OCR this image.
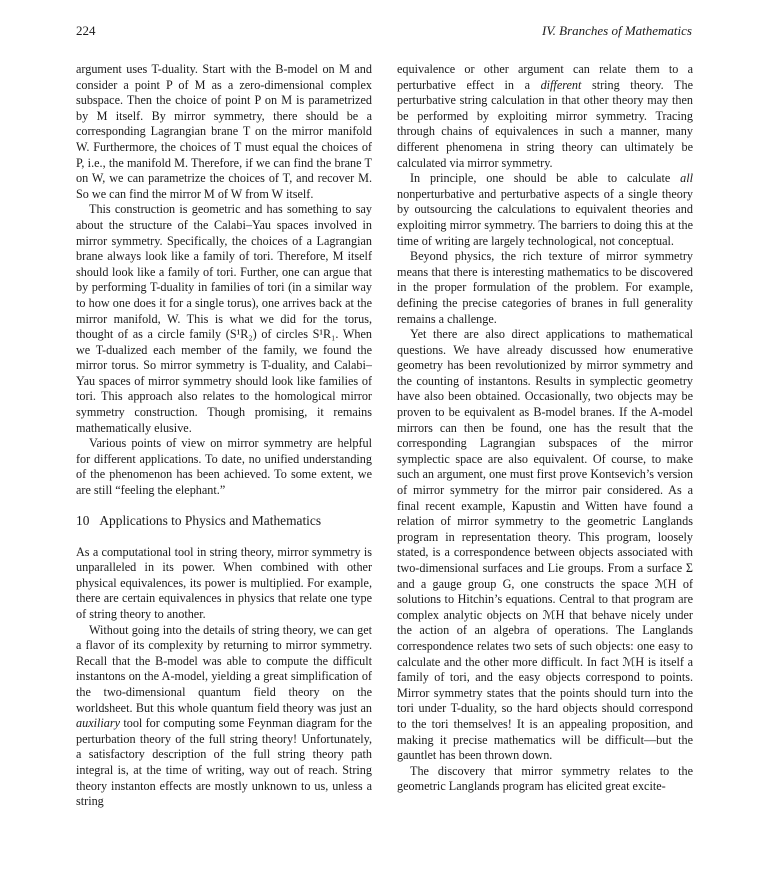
224	IV. Branches of Mathematics

argument uses T-duality. Start with the B-model on M and consider a point P of M as a zero-dimensional complex subspace. Then the choice of point P on M is parametrized by M itself. By mirror symmetry, there should be a corresponding Lagrangian brane T on the mirror manifold W. Furthermore, the choices of T must equal the choices of P, i.e., the manifold M. Therefore, if we can find the brane T on W, we can parametrize the choices of T, and recover M. So we can find the mirror M of W from W itself.

This construction is geometric and has something to say about the structure of the Calabi–Yau spaces involved in mirror symmetry. Specifically, the choices of a Lagrangian brane always look like a family of tori. Therefore, M itself should look like a family of tori. Further, one can argue that by performing T-duality in families of tori (in a similar way to how one does it for a single torus), one arrives back at the mirror manifold, W. This is what we did for the torus, thought of as a circle family (S¹R₂) of circles S¹R₁. When we T-dualized each member of the family, we found the mirror torus. So mirror symmetry is T-duality, and Calabi–Yau spaces of mirror symmetry should look like families of tori. This approach also relates to the homological mirror symmetry construction. Though promising, it remains mathematically elusive.

Various points of view on mirror symmetry are helpful for different applications. To date, no unified understanding of the phenomenon has been achieved. To some extent, we are still “feeling the elephant.”

10 Applications to Physics and Mathematics

As a computational tool in string theory, mirror symmetry is unparalleled in its power. When combined with other physical equivalences, its power is multiplied. For example, there are certain equivalences in physics that relate one type of string theory to another.

Without going into the details of string theory, we can get a flavor of its complexity by returning to mirror symmetry. Recall that the B-model was able to compute the difficult instantons on the A-model, yielding a great simplification of the two-dimensional quantum field theory on the worldsheet. But this whole quantum field theory was just an auxiliary tool for computing some Feynman diagram for the perturbation theory of the full string theory! Unfortunately, a satisfactory description of the full string theory path integral is, at the time of writing, way out of reach. String theory instanton effects are mostly unknown to us, unless a string

equivalence or other argument can relate them to a perturbative effect in a different string theory. The perturbative string calculation in that other theory may then be performed by exploiting mirror symmetry. Tracing through chains of equivalences in such a manner, many different phenomena in string theory can ultimately be calculated via mirror symmetry.

In principle, one should be able to calculate all nonperturbative and perturbative aspects of a single theory by outsourcing the calculations to equivalent theories and exploiting mirror symmetry. The barriers to doing this at the time of writing are largely technological, not conceptual.

Beyond physics, the rich texture of mirror symmetry means that there is interesting mathematics to be discovered in the proper formulation of the problem. For example, defining the precise categories of branes in full generality remains a challenge.

Yet there are also direct applications to mathematical questions. We have already discussed how enumerative geometry has been revolutionized by mirror symmetry and the counting of instantons. Results in symplectic geometry have also been obtained. Occasionally, two objects may be proven to be equivalent as B-model branes. If the A-model mirrors can then be found, one has the result that the corresponding Lagrangian subspaces of the mirror symplectic space are also equivalent. Of course, to make such an argument, one must first prove Kontsevich’s version of mirror symmetry for the mirror pair considered. As a final recent example, Kapustin and Witten have found a relation of mirror symmetry to the geometric Langlands program in representation theory. This program, loosely stated, is a correspondence between objects associated with two-dimensional surfaces and Lie groups. From a surface Σ and a gauge group G, one constructs the space ℳH of solutions to Hitchin’s equations. Central to that program are complex analytic objects on ℳH that behave nicely under the action of an algebra of operations. The Langlands correspondence relates two sets of such objects: one easy to calculate and the other more difficult. In fact ℳH is itself a family of tori, and the easy objects correspond to points. Mirror symmetry states that the points should turn into the tori under T-duality, so the hard objects should correspond to the tori themselves! It is an appealing proposition, and making it precise mathematics will be difficult—but the gauntlet has been thrown down.

The discovery that mirror symmetry relates to the geometric Langlands program has elicited great excite-
